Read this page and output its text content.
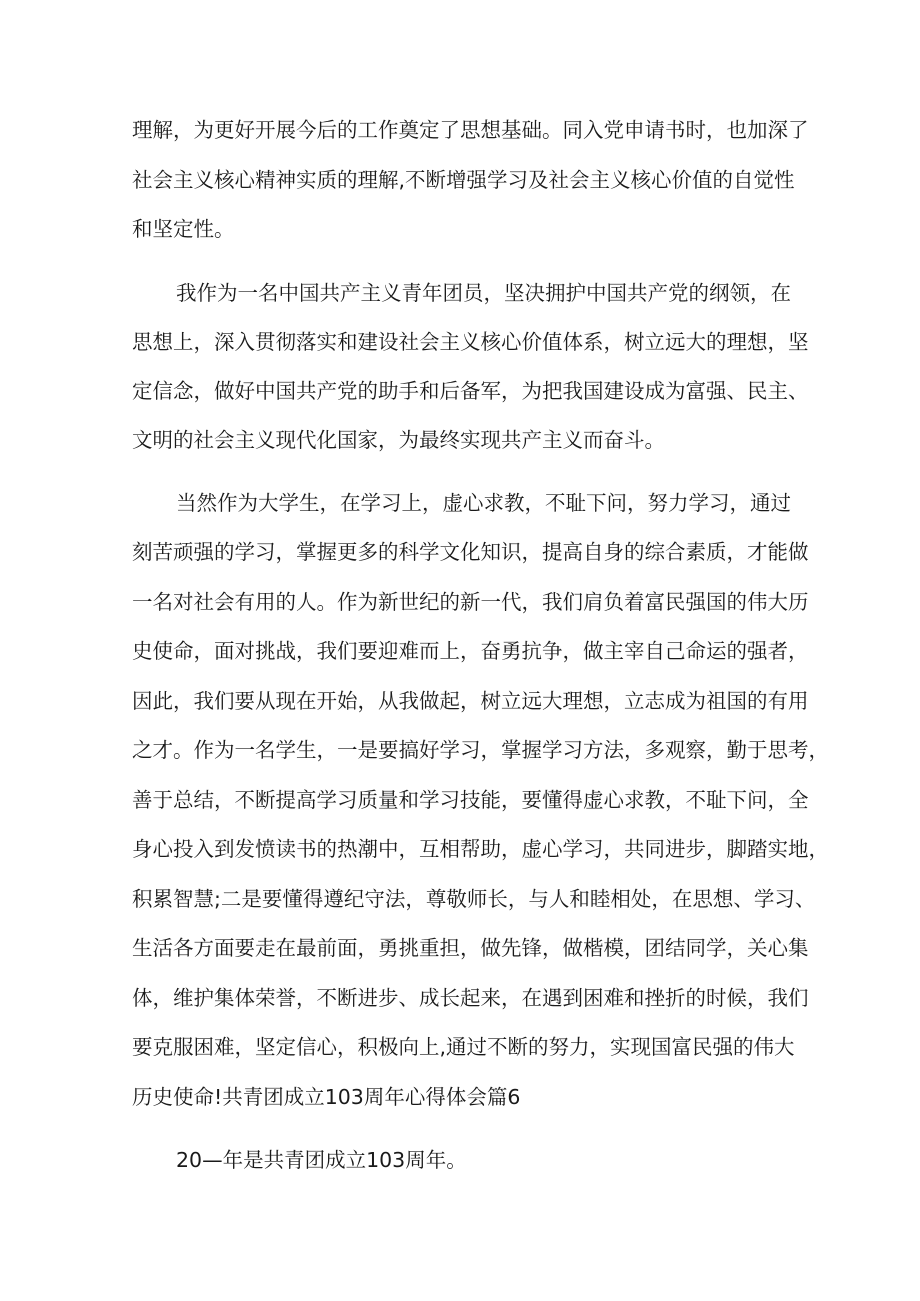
理解，为更好开展今后的工作奠定了思想基础。同入党申请书时，也加深了
社会主义核心精神实质的理解,不断增强学习及社会主义核心价值的自觉性
和坚定性。
我作为一名中国共产主义青年团员，坚决拥护中国共产党的纲领，在
思想上，深入贯彻落实和建设社会主义核心价值体系，树立远大的理想，坚
定信念，做好中国共产党的助手和后备军，为把我国建设成为富强、民主、
文明的社会主义现代化国家，为最终实现共产主义而奋斗。
当然作为大学生，在学习上，虚心求教，不耻下问，努力学习，通过
刻苦顽强的学习，掌握更多的科学文化知识，提高自身的综合素质，才能做
一名对社会有用的人。作为新世纪的新一代，我们肩负着富民强国的伟大历
史使命，面对挑战，我们要迎难而上，奋勇抗争，做主宰自己命运的强者，
因此，我们要从现在开始，从我做起，树立远大理想，立志成为祖国的有用
之才。作为一名学生，一是要搞好学习，掌握学习方法，多观察，勤于思考，
善于总结，不断提高学习质量和学习技能，要懂得虚心求教，不耻下问，全
身心投入到发愤读书的热潮中，互相帮助，虚心学习，共同进步，脚踏实地，
积累智慧;二是要懂得遵纪守法，尊敬师长，与人和睦相处，在思想、学习、
生活各方面要走在最前面，勇挑重担，做先锋，做楷模，团结同学，关心集
体，维护集体荣誉，不断进步、成长起来，在遇到困难和挫折的时候，我们
要克服困难，坚定信心，积极向上,通过不断的努力，实现国富民强的伟大
历史使命!共青团成立103周年心得体会篇6
20—年是共青团成立103周年。
